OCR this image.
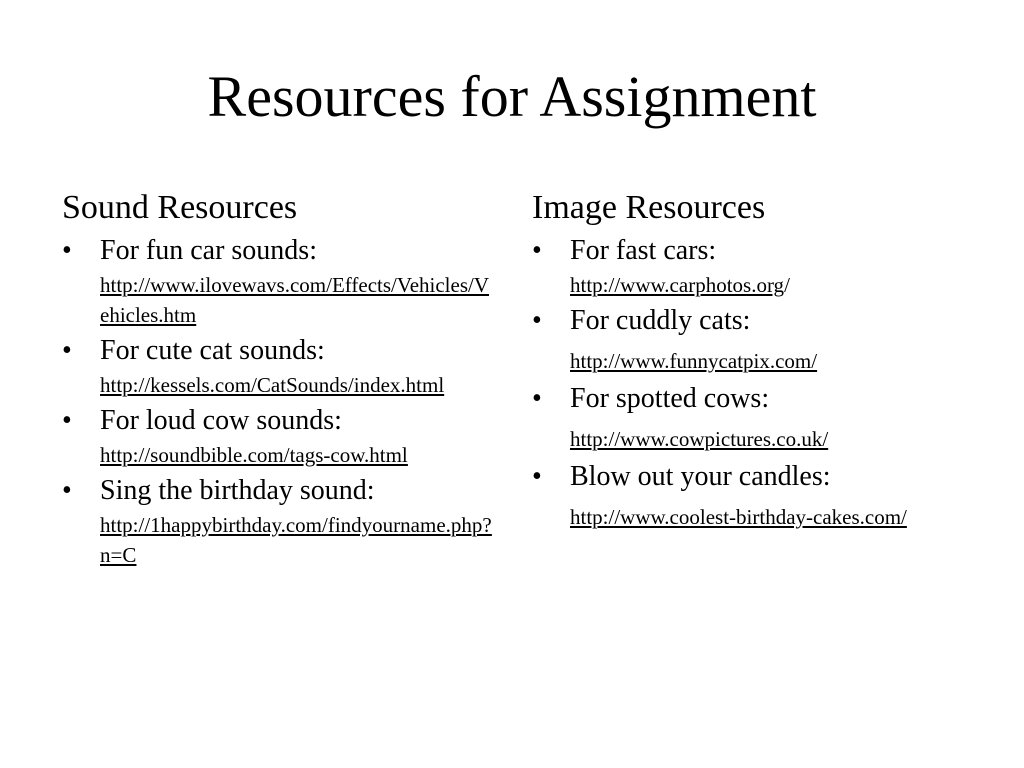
Resources for Assignment
Sound Resources
• For fun car sounds:
http://www.ilovewavs.com/Effects/Vehicles/Vehicles.htm
• For cute cat sounds:
http://kessels.com/CatSounds/index.html
• For loud cow sounds:
http://soundbible.com/tags-cow.html
• Sing the birthday sound:
http://1happybirthday.com/findyourname.php?n=C
Image Resources
• For fast cars:
http://www.carphotos.org/
• For cuddly cats:
http://www.funnycatpix.com/
• For spotted cows:
http://www.cowpictures.co.uk/
• Blow out your candles:
http://www.coolest-birthday-cakes.com/
